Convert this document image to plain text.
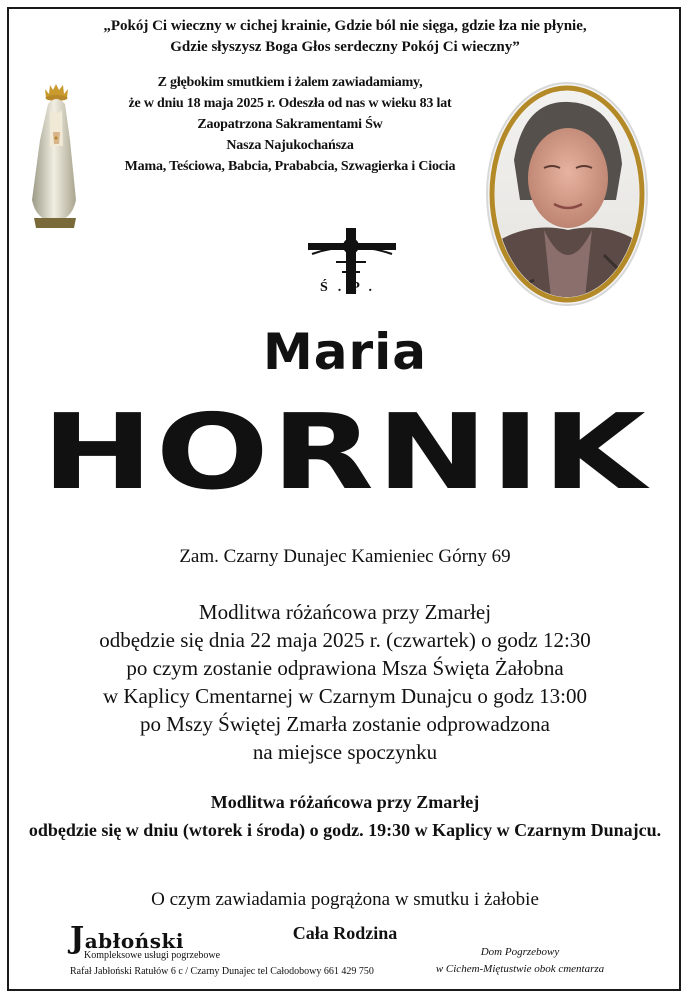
„Pokój Ci wieczny w cichej krainie, Gdzie ból nie sięga, gdzie łza nie płynie,
Gdzie słyszysz Boga Głos serdeczny Pokój Ci wieczny”
Z głębokim smutkiem i żalem zawiadamiamy,
że w dniu 18 maja 2025 r. Odeszła od nas w wieku 83 lat
Zaopatrzona Sakramentami Św
Nasza Najukochańsza
Mama, Teściowa, Babcia, Prababcia, Szwagierka i Ciocia
Ś.P.
Maria
HORNIK
Zam. Czarny Dunajec Kamieniec Górny 69
Modlitwa różańcowa przy Zmarłej
odbędzie się dnia 22 maja 2025 r. (czwartek) o godz 12:30
po czym zostanie odprawiona Msza Święta Żałobna
w Kaplicy Cmentarnej w Czarnym Dunajcu o godz 13:00
po Mszy Świętej Zmarła zostanie odprowadzona
na miejsce spoczynku
Modlitwa różańcowa przy Zmarłej
odbędzie się w dniu (wtorek i środa) o godz. 19:30 w Kaplicy w Czarnym Dunajcu.
O czym zawiadamia pogrążona w smutku i żałobie
Cała Rodzina
Jabłoński
Kompleksowe usługi pogrzebowe
Rafał Jabłoński Ratułów 6 c / Czarny Dunajec tel Całodobowy 661 429 750
Dom Pogrzebowy
w Cichem-Miętustwie obok cmentarza
